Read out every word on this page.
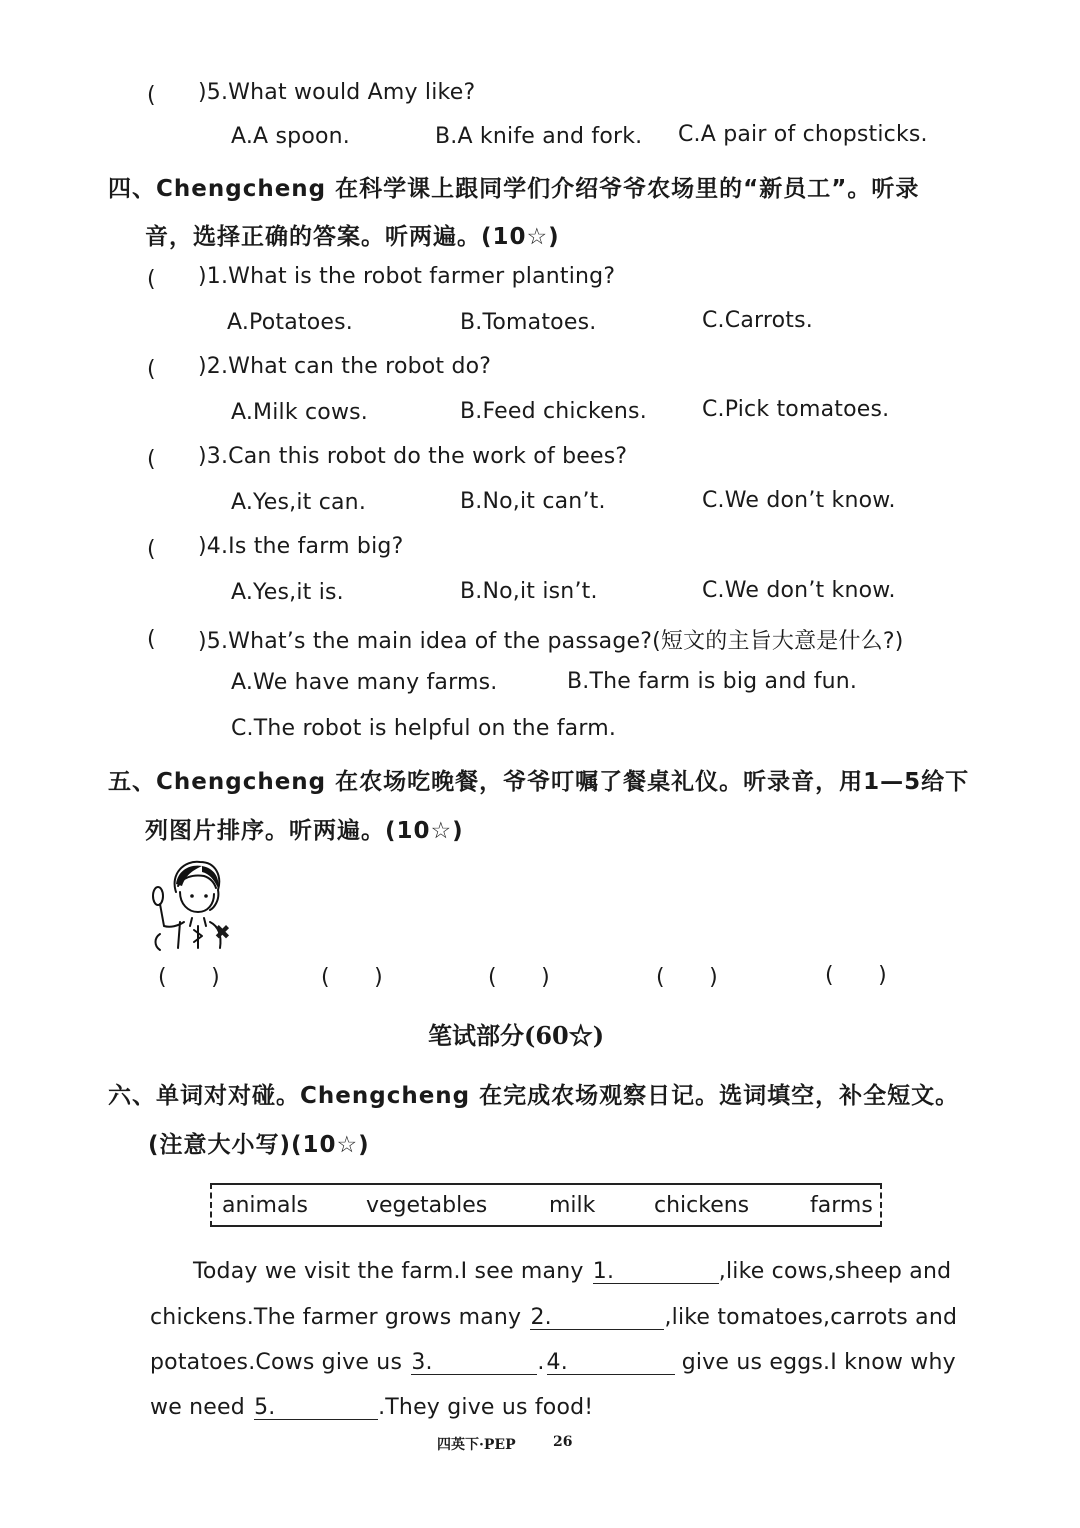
( )5.What would Amy like?
A.A spoon.	B.A knife and fork. C.A pair of chopsticks.
四、Chengcheng 在科学课上跟同学们介绍爷爷农场里的“新员工”。听录
音，选择正确的答案。听两遍。(10☆)
( )1.What is the robot farmer planting?
A.Potatoes.	B.Tomatoes.	C.Carrots.
( )2.What can the robot do?
A.Milk cows.	B.Feed chickens.	C.Pick tomatoes.
( )3.Can this robot do the work of bees?
A.Yes,it can.	B.No,it can’t.	C.We don’t know.
( )4.Is the farm big?
A.Yes,it is.	B.No,it isn’t.	C.We don’t know.
( )5.What’s the main idea of the passage?(短文的主旨大意是什么?)
A.We have many farms.	B.The farm is big and fun.
C.The robot is helpful on the farm.
五、Chengcheng 在农场吃晚餐，爷爷叮嘱了餐桌礼仪。听录音，用1—5给下
列图片排序。听两遍。(10☆)
✖
(　　)	(　　)	(　　)	(　　)	(　　)
笔试部分(60☆)
六、单词对对碰。Chengcheng 在完成农场观察日记。选词填空，补全短文。
(注意大小写)(10☆)
animals	vegetables	milk	chickens	farms
Today we visit the farm.I see many 1.	,like cows,sheep and
chickens.The farmer grows many 2.	,like tomatoes,carrots and
potatoes.Cows give us 3.	.4.	give us eggs.I know why
we need 5.	.They give us food!
四英下·PEP	26
